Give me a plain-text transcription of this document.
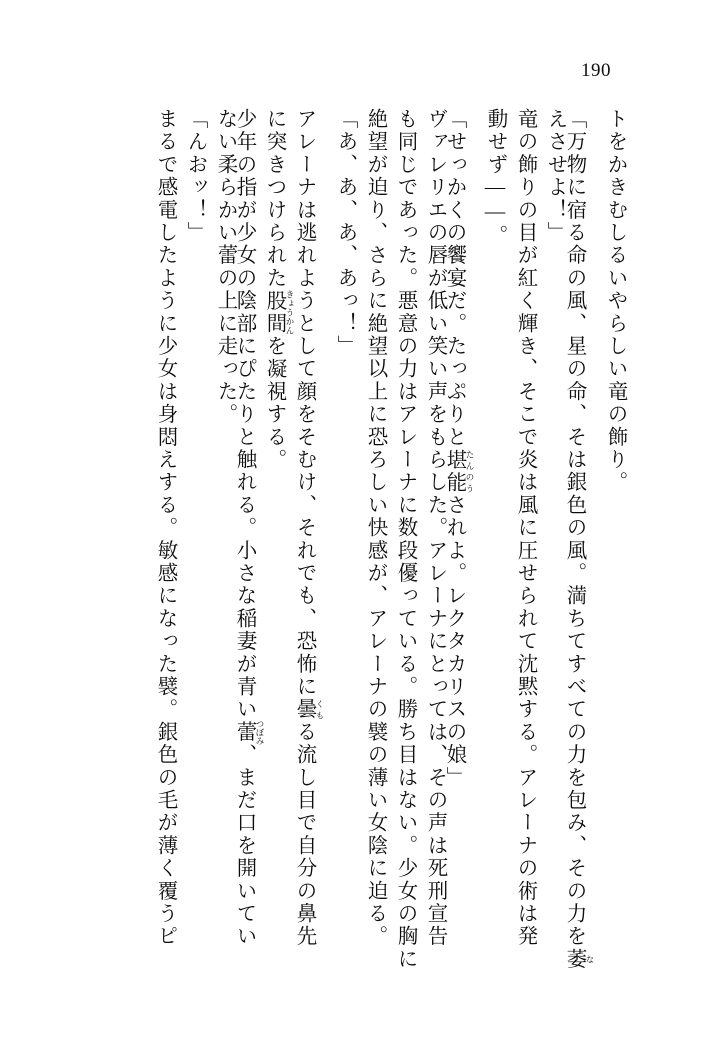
190
トをかきむしるいやらしい竜の飾り。
「万物に宿る命の風、星の命、そは銀色の風。満ちてすべての力を包み、その力を萎 な
えさせよ！」
竜の飾りの目が紅く輝き、そこで炎は風に圧せられて沈黙する。アレーナの術は発
動せず――。
「せっかくの饗宴だ。たっぷりと堪能 たんのうされよ。レクタカリスの娘」
ヴァレリエの唇が低い笑い声をもらした。アレーナにとっては、その声は死刑宣告
も同じであった。悪意の力はアレーナに数段優っている。勝ち目はない。少女の胸に
絶望が迫り、さらに絶望以上に恐ろしい快感が、アレーナの襞の薄い女陰に迫る。
「あ、あ、あ、あっ！」
アレーナは逃れようとして顔をそむけ、それでも、恐怖に曇 くもる流し目で自分の鼻先
に突きつけられた股間 きょうかんを凝視する。
少年の指が少女の陰部にぴたりと触れる。小さな稲妻が青い蕾 つぼみ、まだ口を開いてい
ない柔らかい蕾の上に走った。
「んおッ！」
まるで感電したように少女は身悶えする。敏感になった襞。銀色の毛が薄く覆うピ
